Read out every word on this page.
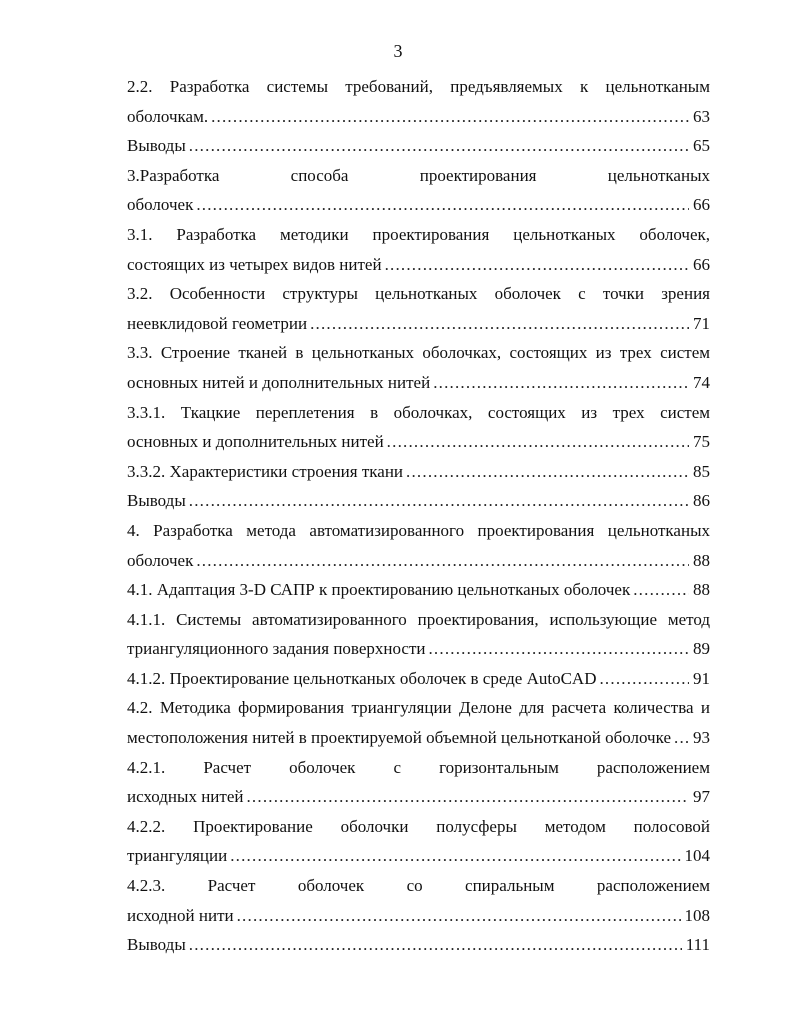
3
2.2. Разработка системы требований, предъявляемых к цельнотканым
оболочкам. .....	63
Выводы .....	65
3.Разработка способа проектирования цельнотканых
оболочек .....	66
3.1. Разработка методики проектирования цельнотканых оболочек,
состоящих из четырех видов нитей .....	66
3.2. Особенности структуры цельнотканых оболочек с точки зрения
неевклидовой геометрии .....	71
3.3. Строение тканей в цельнотканых оболочках, состоящих из трех систем
основных нитей и дополнительных нитей .....	74
3.3.1. Ткацкие переплетения в оболочках, состоящих из трех систем
основных и дополнительных нитей .....	75
3.3.2. Характеристики строения ткани .....	85
Выводы .....	86
4. Разработка метода автоматизированного проектирования цельнотканых
оболочек .....	88
4.1. Адаптация 3-D САПР к проектированию цельнотканых оболочек .....	88
4.1.1. Системы автоматизированного проектирования, использующие метод
триангуляционного задания поверхности .....	89
4.1.2. Проектирование цельнотканых оболочек в среде AutoCAD .....	91
4.2. Методика формирования триангуляции Делоне для расчета количества и
местоположения нитей в проектируемой объемной цельнотканой оболочке ..... 93
4.2.1. Расчет оболочек с горизонтальным расположением
исходных нитей .....	97
4.2.2. Проектирование оболочки полусферы методом полосовой
триангуляции .....	104
4.2.3. Расчет оболочек со спиральным расположением
исходной нити .....	108
Выводы .....	111
